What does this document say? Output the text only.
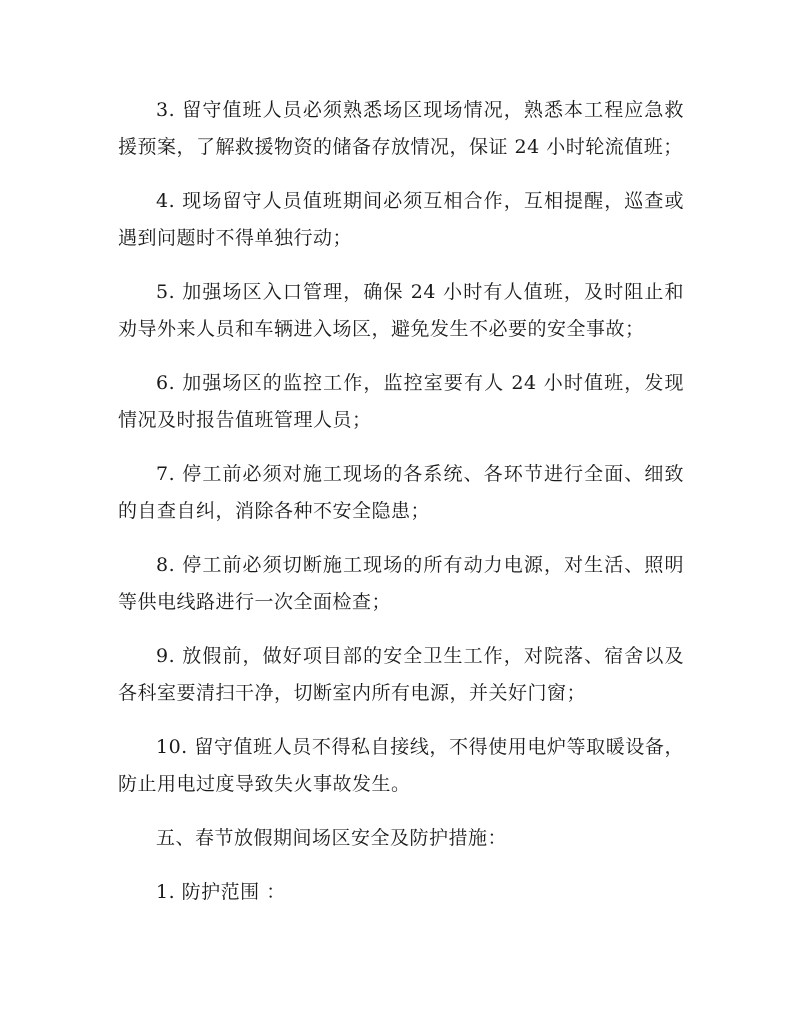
3. 留守值班人员必须熟悉场区现场情况，熟悉本工程应急救援预案，了解救援物资的储备存放情况，保证 24 小时轮流值班；

4. 现场留守人员值班期间必须互相合作，互相提醒，巡查或遇到问题时不得单独行动；

5. 加强场区入口管理，确保 24 小时有人值班，及时阻止和劝导外来人员和车辆进入场区，避免发生不必要的安全事故；

6. 加强场区的监控工作，监控室要有人 24 小时值班，发现情况及时报告值班管理人员；

7. 停工前必须对施工现场的各系统、各环节进行全面、细致的自查自纠，消除各种不安全隐患；

8. 停工前必须切断施工现场的所有动力电源，对生活、照明等供电线路进行一次全面检查；

9. 放假前，做好项目部的安全卫生工作，对院落、宿舍以及各科室要清扫干净，切断室内所有电源，并关好门窗；

10. 留守值班人员不得私自接线，不得使用电炉等取暖设备，防止用电过度导致失火事故发生。

五、春节放假期间场区安全及防护措施：

1. 防护范围 ：
